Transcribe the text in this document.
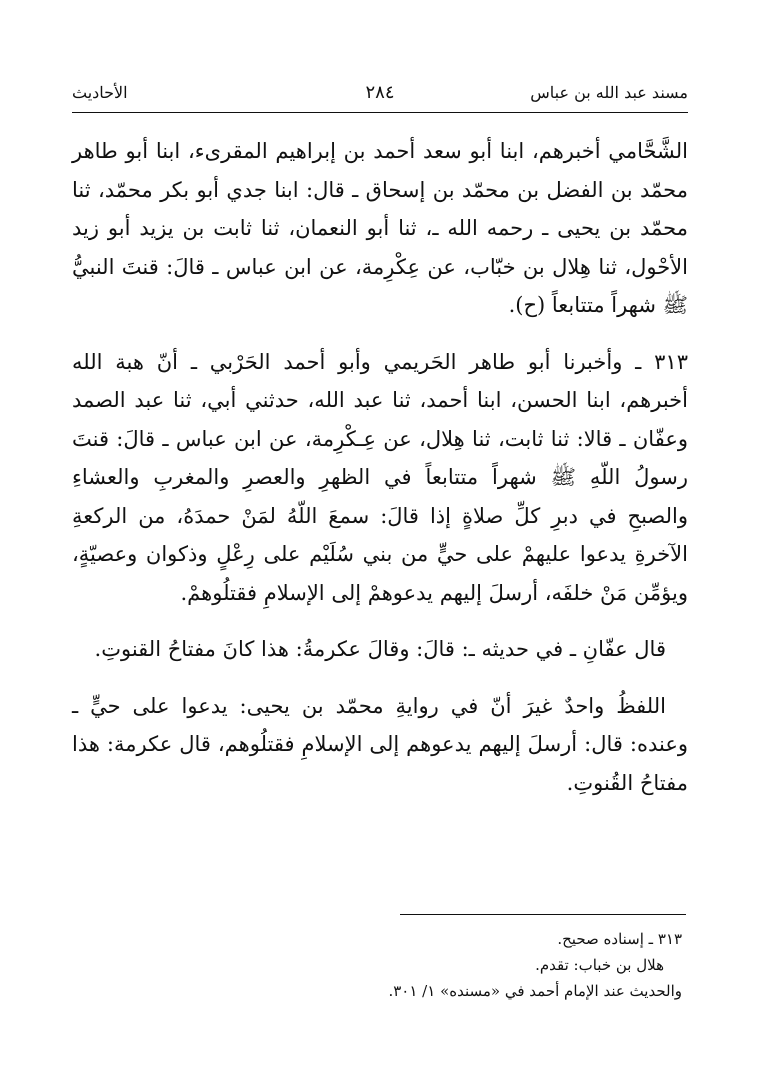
مسند عبد الله بن عباس
٢٨٤
الأحاديث

الشَّحَّامي أخبرهم، ابنا أبو سعد أحمد بن إبراهيم المقرىء، ابنا أبو طاهر محمّد بن الفضل بن محمّد بن إسحاق ـ قال: ابنا جدي أبو بكر محمّد، ثنا محمّد بن يحيى ـ رحمه الله ـ، ثنا أبو النعمان، ثنا ثابت بن يزيد أبو زيد الأحْول، ثنا هِلال بن خبّاب، عن عِكْرِمة، عن ابن عباس ـ قالَ: قنتَ النبيُّ ﷺ شهراً متتابعاً (ح).

٣١٣ ـ وأخبرنا أبو طاهر الحَريمي وأبو أحمد الحَرْبي ـ أنّ هبة الله أخبرهم، ابنا الحسن، ابنا أحمد، ثنا عبد الله، حدثني أبي، ثنا عبد الصمد وعفّان ـ قالا: ثنا ثابت، ثنا هِلال، عن عِـكْرِمة، عن ابن عباس ـ قالَ: قنتَ رسولُ اللّهِ ﷺ شهراً متتابعاً في الظهرِ والعصرِ والمغربِ والعشاءِ والصبحِ في دبرِ كلِّ صلاةٍ إذا قالَ: سمعَ اللّهُ لمَنْ حمدَهُ، من الركعةِ الآخرةِ يدعوا عليهمْ على حيٍّ من بني سُلَيْم على رِعْلٍ وذكوان وعصيّةٍ، ويؤمِّن مَنْ خلفَه، أرسلَ إليهم يدعوهمْ إلى الإسلامِ فقتلُوهمْ.

قال عفّانِ ـ في حديثه ـ: قالَ: وقالَ عكرمةُ: هذا كانَ مفتاحُ القنوتِ.

اللفظُ واحدٌ غيرَ أنّ في روايةِ محمّد بن يحيى: يدعوا على حيٍّ ـ وعنده: قال: أرسلَ إليهم يدعوهم إلى الإسلامِ فقتلُوهم، قال عكرمة: هذا مفتاحُ القُنوتِ.

٣١٣ ـ إسناده صحيح.

هلال بن خباب: تقدم.

والحديث عند الإمام أحمد في «مسنده» ١/ ٣٠١.
